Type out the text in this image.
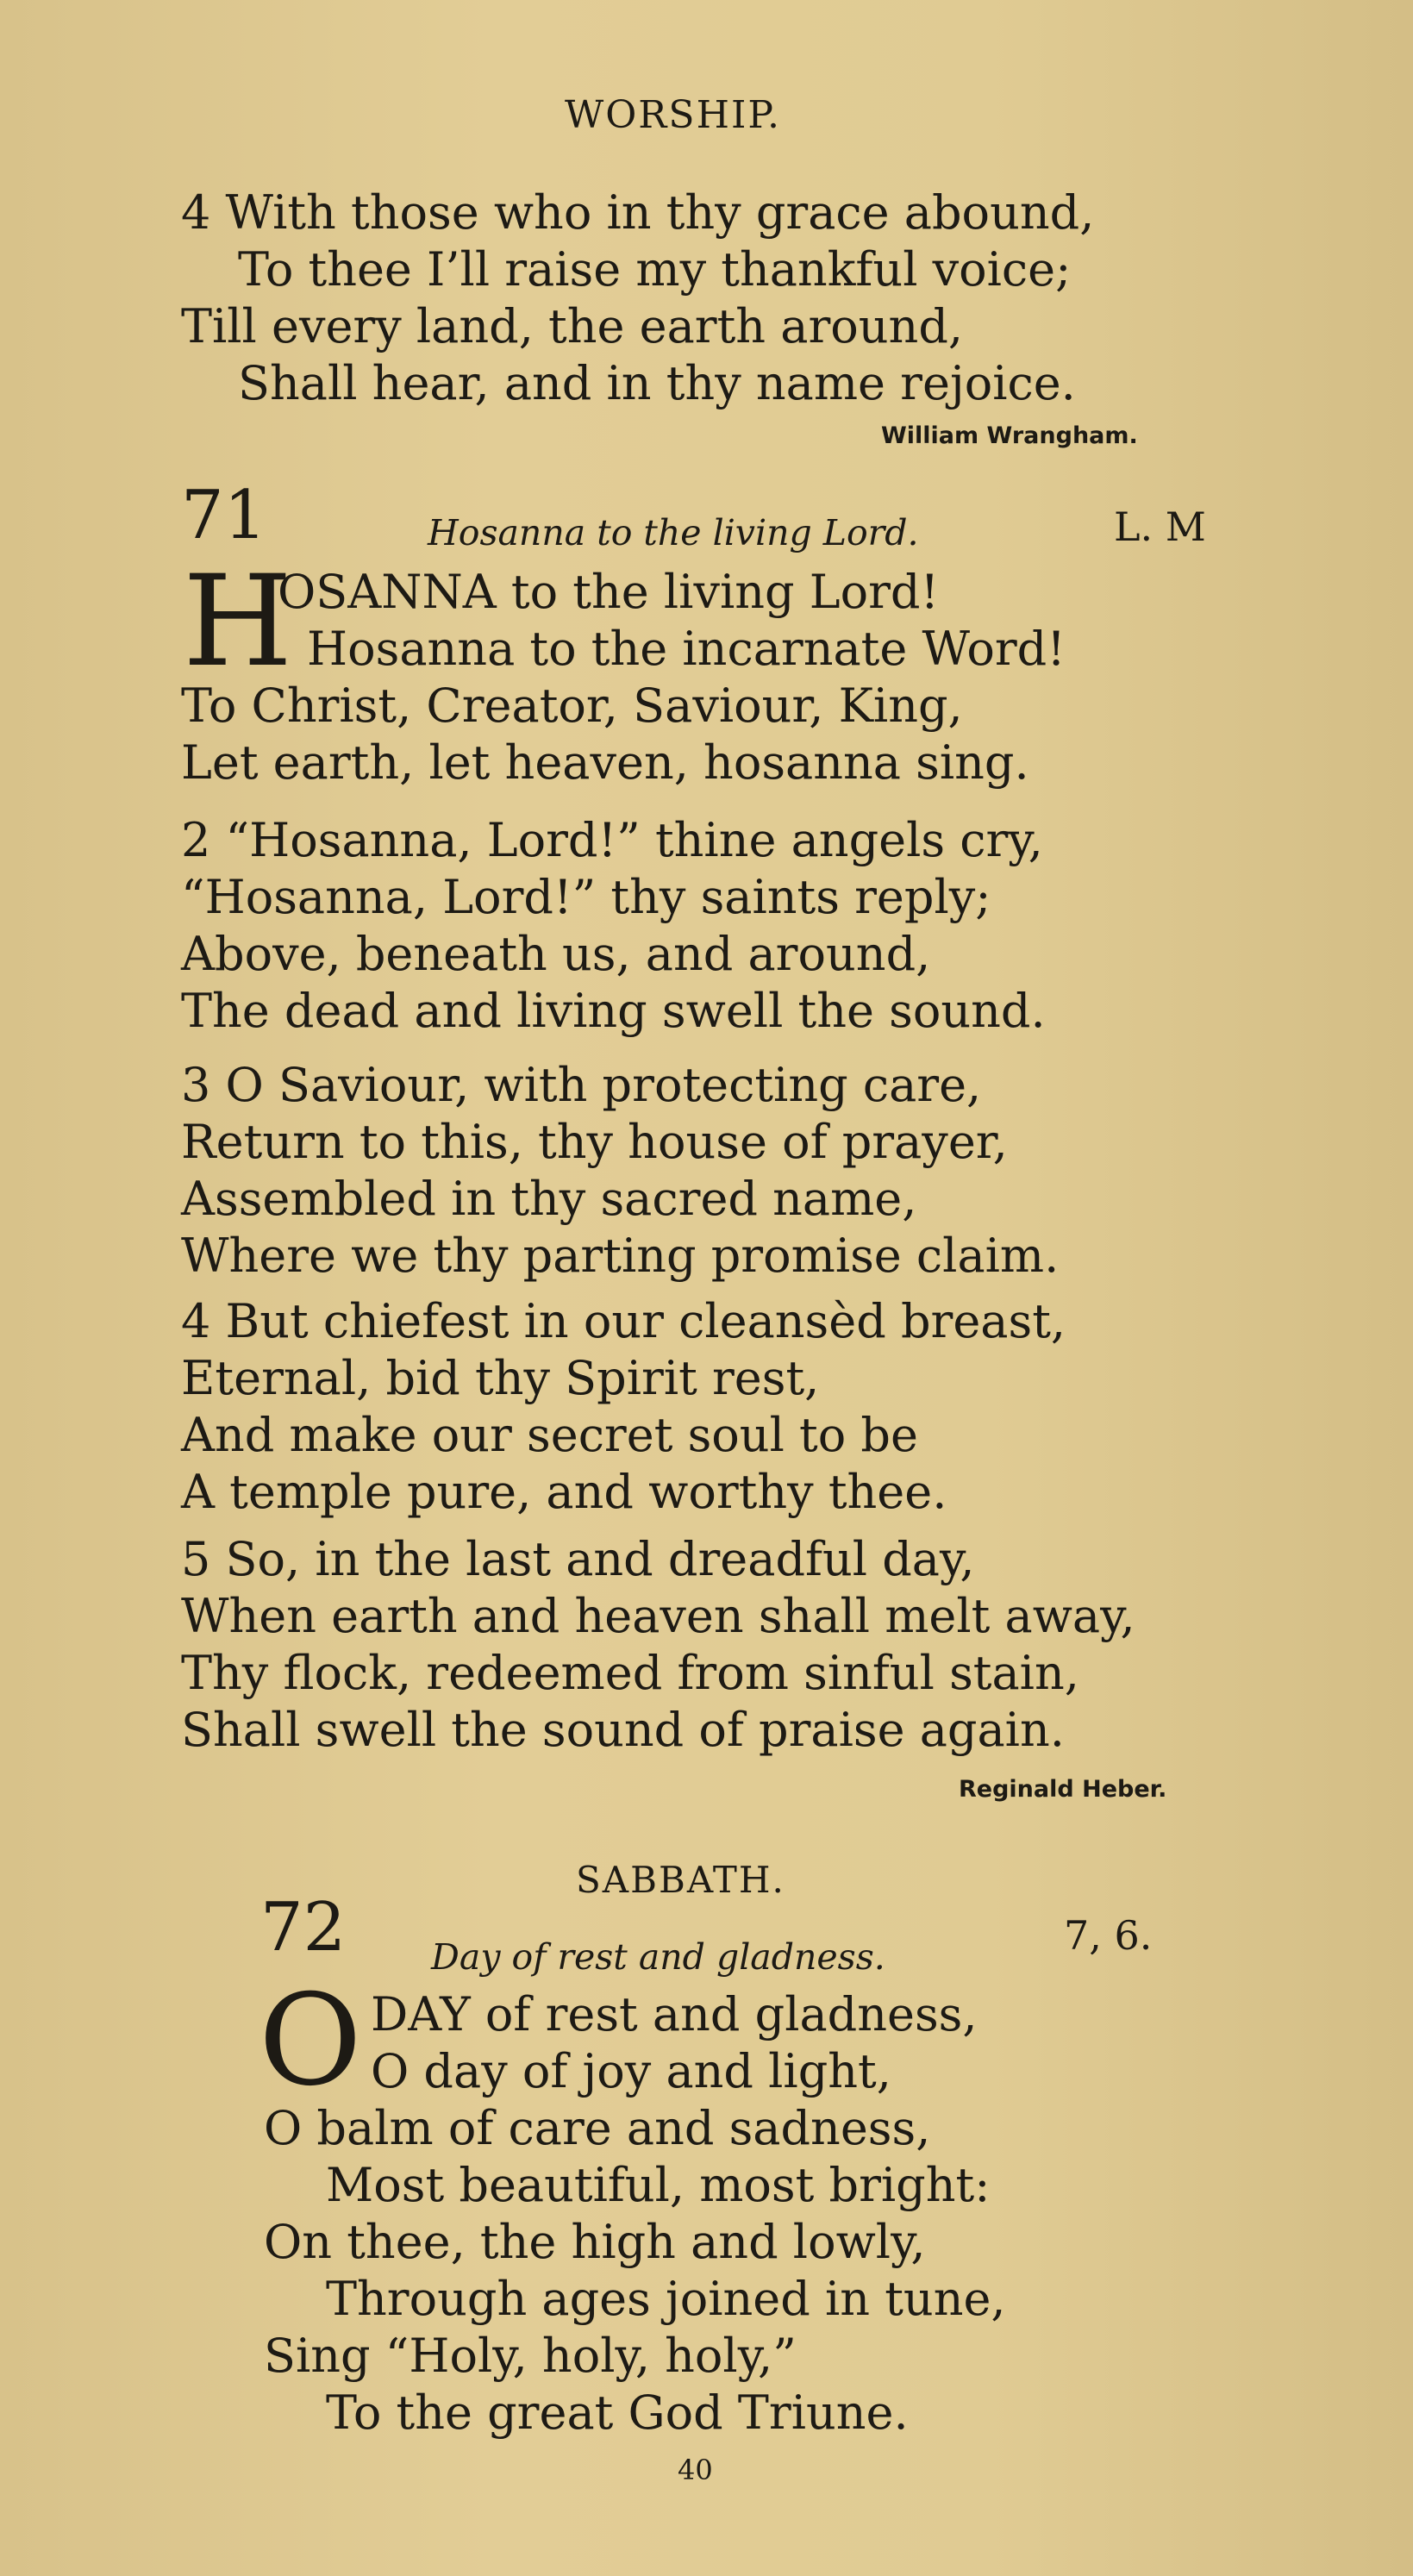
WORSHIP.
4 With those who in thy grace abound,
To thee I’ll raise my thankful voice;
Till every land, the earth around,
Shall hear, and in thy name rejoice.
William Wrangham.
71	Hosanna to the living Lord.	L. M
H
OSANNA to the living Lord!
Hosanna to the incarnate Word!
To Christ, Creator, Saviour, King,
Let earth, let heaven, hosanna sing.
2 “Hosanna, Lord!” thine angels cry,
“Hosanna, Lord!” thy saints reply;
Above, beneath us, and around,
The dead and living swell the sound.
3 O Saviour, with protecting care,
Return to this, thy house of prayer,
Assembled in thy sacred name,
Where we thy parting promise claim.
4 But chiefest in our cleansèd breast,
Eternal, bid thy Spirit rest,
And make our secret soul to be
A temple pure, and worthy thee.
5 So, in the last and dreadful day,
When earth and heaven shall melt away,
Thy flock, redeemed from sinful stain,
Shall swell the sound of praise again.
Reginald Heber.
SABBATH.
72 Day of rest and gladness.	7, 6.
O DAY of rest and gladness,
O day of joy and light,
O balm of care and sadness,
Most beautiful, most bright:
On thee, the high and lowly,
Through ages joined in tune,
Sing “Holy, holy, holy,”
To the great God Triune.
40
